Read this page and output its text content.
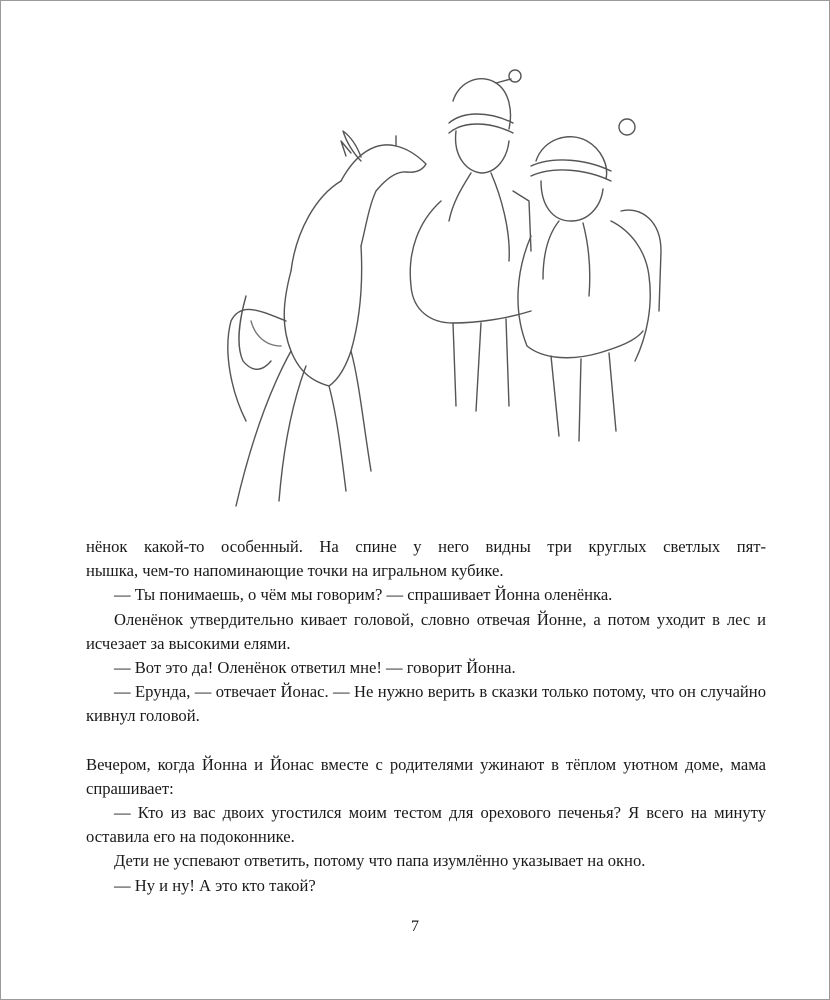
нёнок какой-то особенный. На спине у него видны три круглых светлых пят-

нышка, чем-то напоминающие точки на игральном кубике.

— Ты понимаешь, о чём мы говорим? — спрашивает Йонна оленёнка.

Оленёнок утвердительно кивает головой, словно отвечая Йонне, а потом уходит в лес и исчезает за высокими елями.

— Вот это да! Оленёнок ответил мне! — говорит Йонна.

— Ерунда, — отвечает Йонас. — Не нужно верить в сказки только потому, что он случайно кивнул головой.

Вечером, когда Йонна и Йонас вместе с родителями ужинают в тёплом уютном доме, мама спрашивает:

— Кто из вас двоих угостился моим тестом для орехового печенья? Я всего на минуту оставила его на подоконнике.

Дети не успевают ответить, потому что папа изумлённо указывает на окно.

— Ну и ну! А это кто такой?

7
